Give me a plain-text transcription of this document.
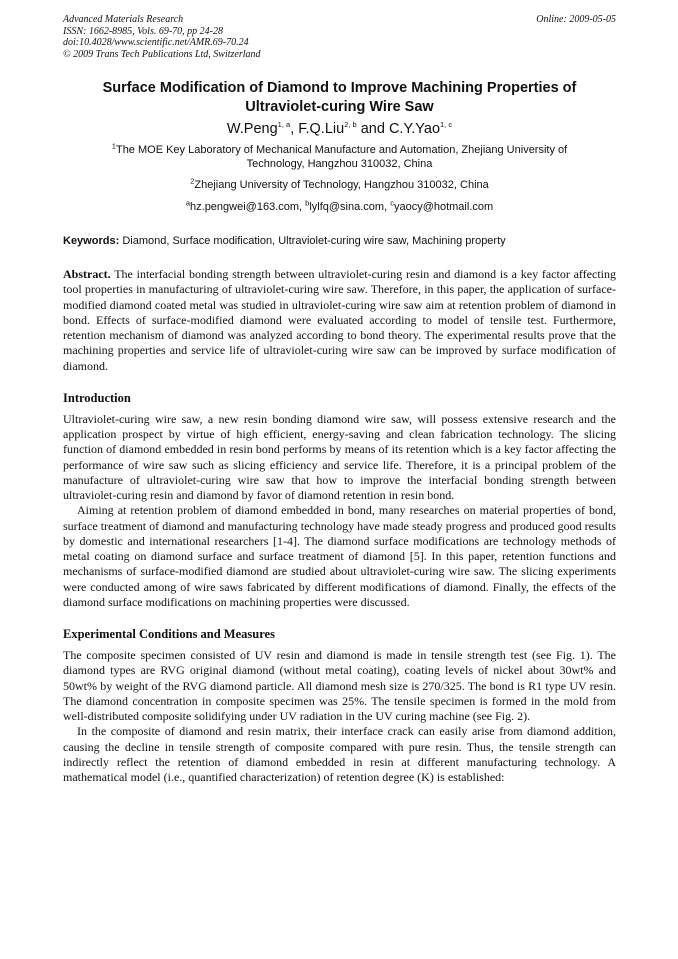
Advanced Materials Research
ISSN: 1662-8985, Vols. 69-70, pp 24-28
doi:10.4028/www.scientific.net/AMR.69-70.24
© 2009 Trans Tech Publications Ltd, Switzerland
Online: 2009-05-05
Surface Modification of Diamond to Improve Machining Properties of
Ultraviolet-curing Wire Saw
W.Peng$^{1, a}$, F.Q.Liu$^{2, b}$ and C.Y.Yao$^{1, c}$
$^1$The MOE Key Laboratory of Mechanical Manufacture and Automation, Zhejiang University of
Technology, Hangzhou 310032, China
$^2$Zhejiang University of Technology, Hangzhou 310032, China
$^a$hz.pengwei@163.com, $^b$lylfq@sina.com, $^c$yaocy@hotmail.com
Keywords: Diamond, Surface modification, Ultraviolet-curing wire saw, Machining property

Abstract. The interfacial bonding strength between ultraviolet-curing resin and diamond is a key factor affecting tool properties in manufacturing of ultraviolet-curing wire saw. Therefore, in this paper, the application of surface-modified diamond coated metal was studied in ultraviolet-curing wire saw aim at retention problem of diamond in bond. Effects of surface-modified diamond were evaluated according to model of tensile test. Furthermore, retention mechanism of diamond was analyzed according to bond theory. The experimental results prove that the machining properties and service life of ultraviolet-curing wire saw can be improved by surface modification of diamond.

Introduction

Ultraviolet-curing wire saw, a new resin bonding diamond wire saw, will possess extensive research and the application prospect by virtue of high efficient, energy-saving and clean fabrication technology. The slicing function of diamond embedded in resin bond performs by means of its retention which is a key factor affecting the performance of wire saw such as slicing efficiency and service life. Therefore, it is a principal problem of the manufacture of ultraviolet-curing wire saw that how to improve the interfacial bonding strength between ultraviolet-curing resin and diamond by favor of diamond retention in resin bond.

Aiming at retention problem of diamond embedded in bond, many researches on material properties of bond, surface treatment of diamond and manufacturing technology have made steady progress and produced good results by domestic and international researchers [1-4]. The diamond surface modifications are technology methods of metal coating on diamond surface and surface treatment of diamond [5]. In this paper, retention functions and mechanisms of surface-modified diamond are studied about ultraviolet-curing wire saw. The slicing experiments were conducted among of wire saws fabricated by different modifications of diamond. Finally, the effects of the diamond surface modifications on machining properties were discussed.

Experimental Conditions and Measures

The composite specimen consisted of UV resin and diamond is made in tensile strength test (see Fig. 1). The diamond types are RVG original diamond (without metal coating), coating levels of nickel about 30wt% and 50wt% by weight of the RVG diamond particle. All diamond mesh size is 270/325. The bond is R1 type UV resin. The diamond concentration in composite specimen was 25%. The tensile specimen is formed in the mold from well-distributed composite solidifying under UV radiation in the UV curing machine (see Fig. 2).

In the composite of diamond and resin matrix, their interface crack can easily arise from diamond addition, causing the decline in tensile strength of composite compared with pure resin. Thus, the tensile strength can indirectly reflect the retention of diamond embedded in resin at different manufacturing technology. A mathematical model (i.e., quantified characterization) of retention degree (K) is established:
